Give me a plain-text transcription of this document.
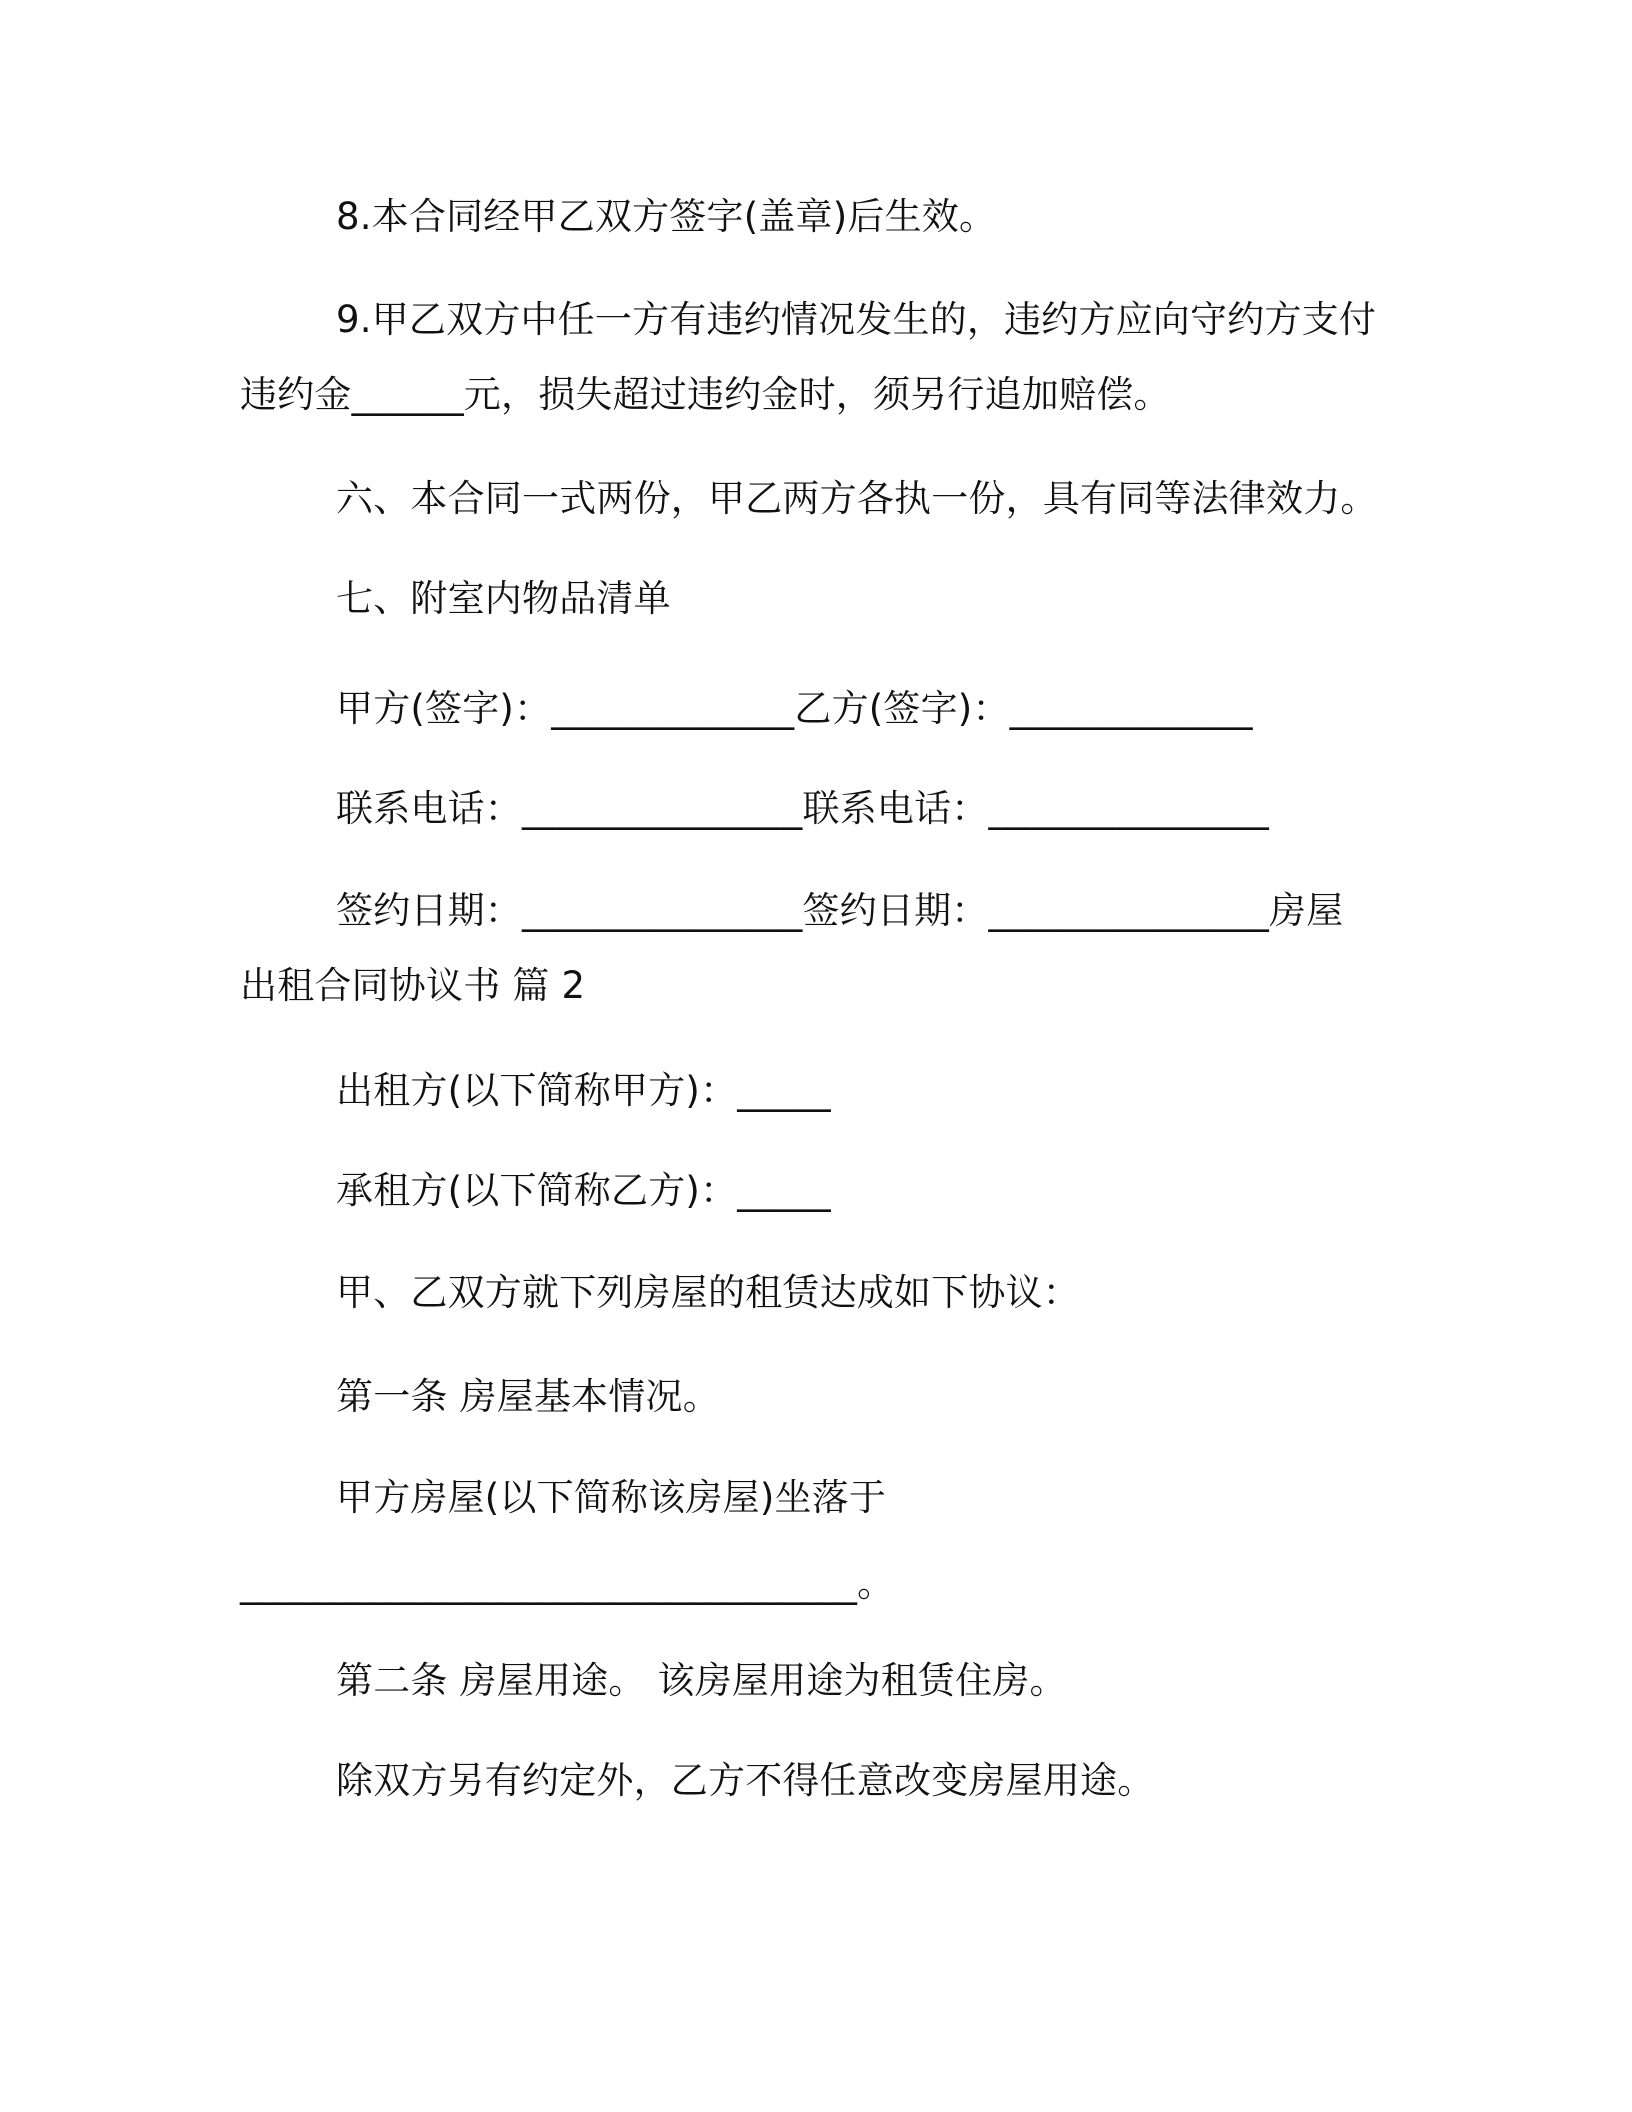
8.本合同经甲乙双方签字(盖章)后生效。
9.甲乙双方中任一方有违约情况发生的，违约方应向守约方支付
违约金______元，损失超过违约金时，须另行追加赔偿。
六、本合同一式两份，甲乙两方各执一份，具有同等法律效力。
七、附室内物品清单
甲方(签字)：_____________乙方(签字)：_____________
联系电话：_______________联系电话：_______________
签约日期：_______________签约日期：_______________房屋
出租合同协议书 篇 2
出租方(以下简称甲方)：_____
承租方(以下简称乙方)：_____
甲、乙双方就下列房屋的租赁达成如下协议：
第一条 房屋基本情况。
甲方房屋(以下简称该房屋)坐落于
_________________________________。
第二条 房屋用途。 该房屋用途为租赁住房。
除双方另有约定外，乙方不得任意改变房屋用途。
